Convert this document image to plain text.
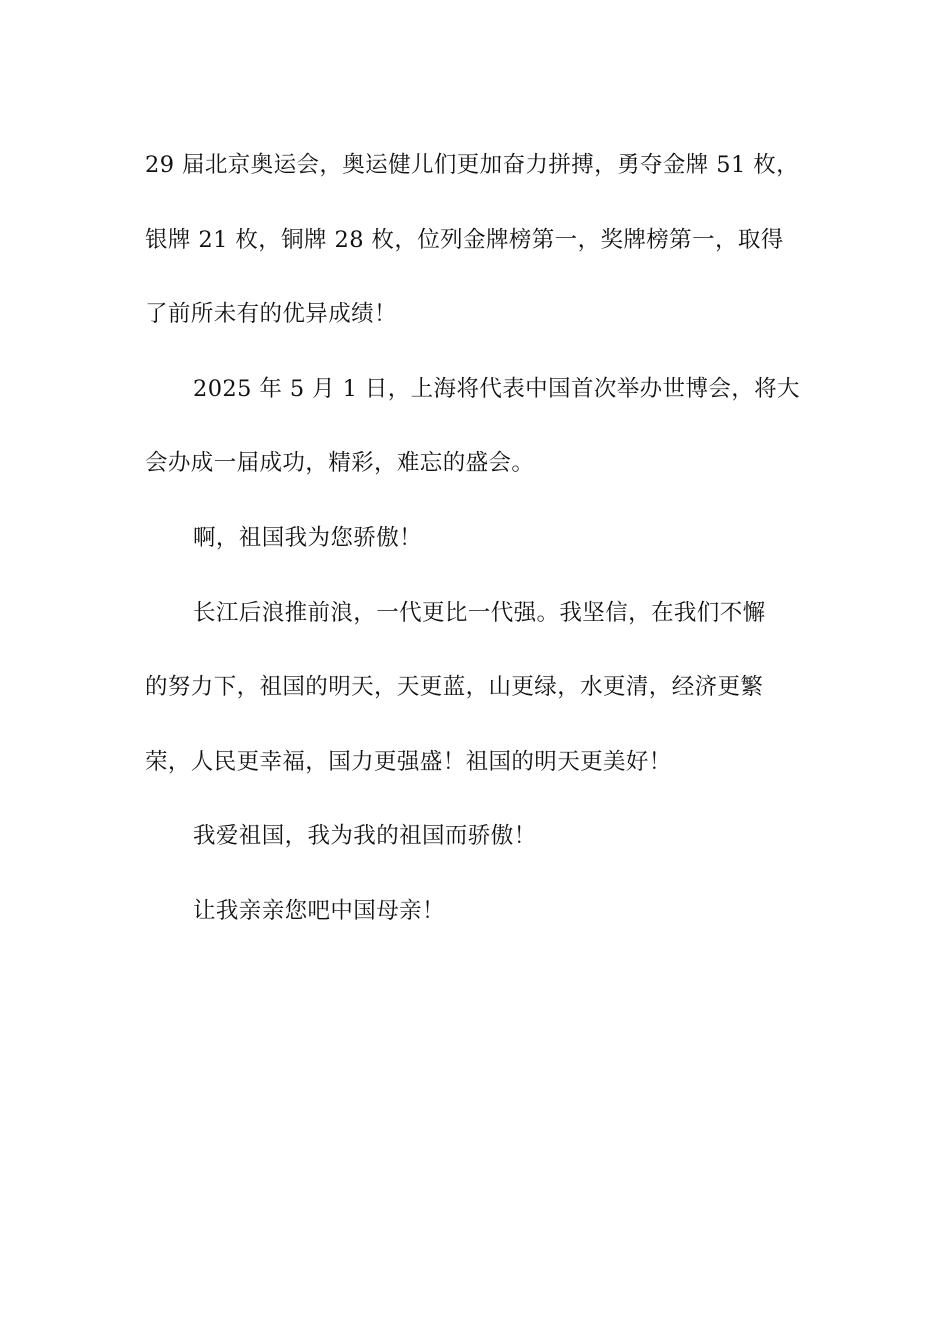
29 届北京奥运会，奥运健儿们更加奋力拼搏，勇夺金牌 51 枚，
银牌 21 枚，铜牌 28 枚，位列金牌榜第一，奖牌榜第一，取得
了前所未有的优异成绩！

2025 年 5 月 1 日，上海将代表中国首次举办世博会，将大
会办成一届成功，精彩，难忘的盛会。

啊，祖国我为您骄傲！

长江后浪推前浪，一代更比一代强。我坚信，在我们不懈
的努力下，祖国的明天，天更蓝，山更绿，水更清，经济更繁
荣，人民更幸福，国力更强盛！祖国的明天更美好！

我爱祖国，我为我的祖国而骄傲！

让我亲亲您吧中国母亲！
